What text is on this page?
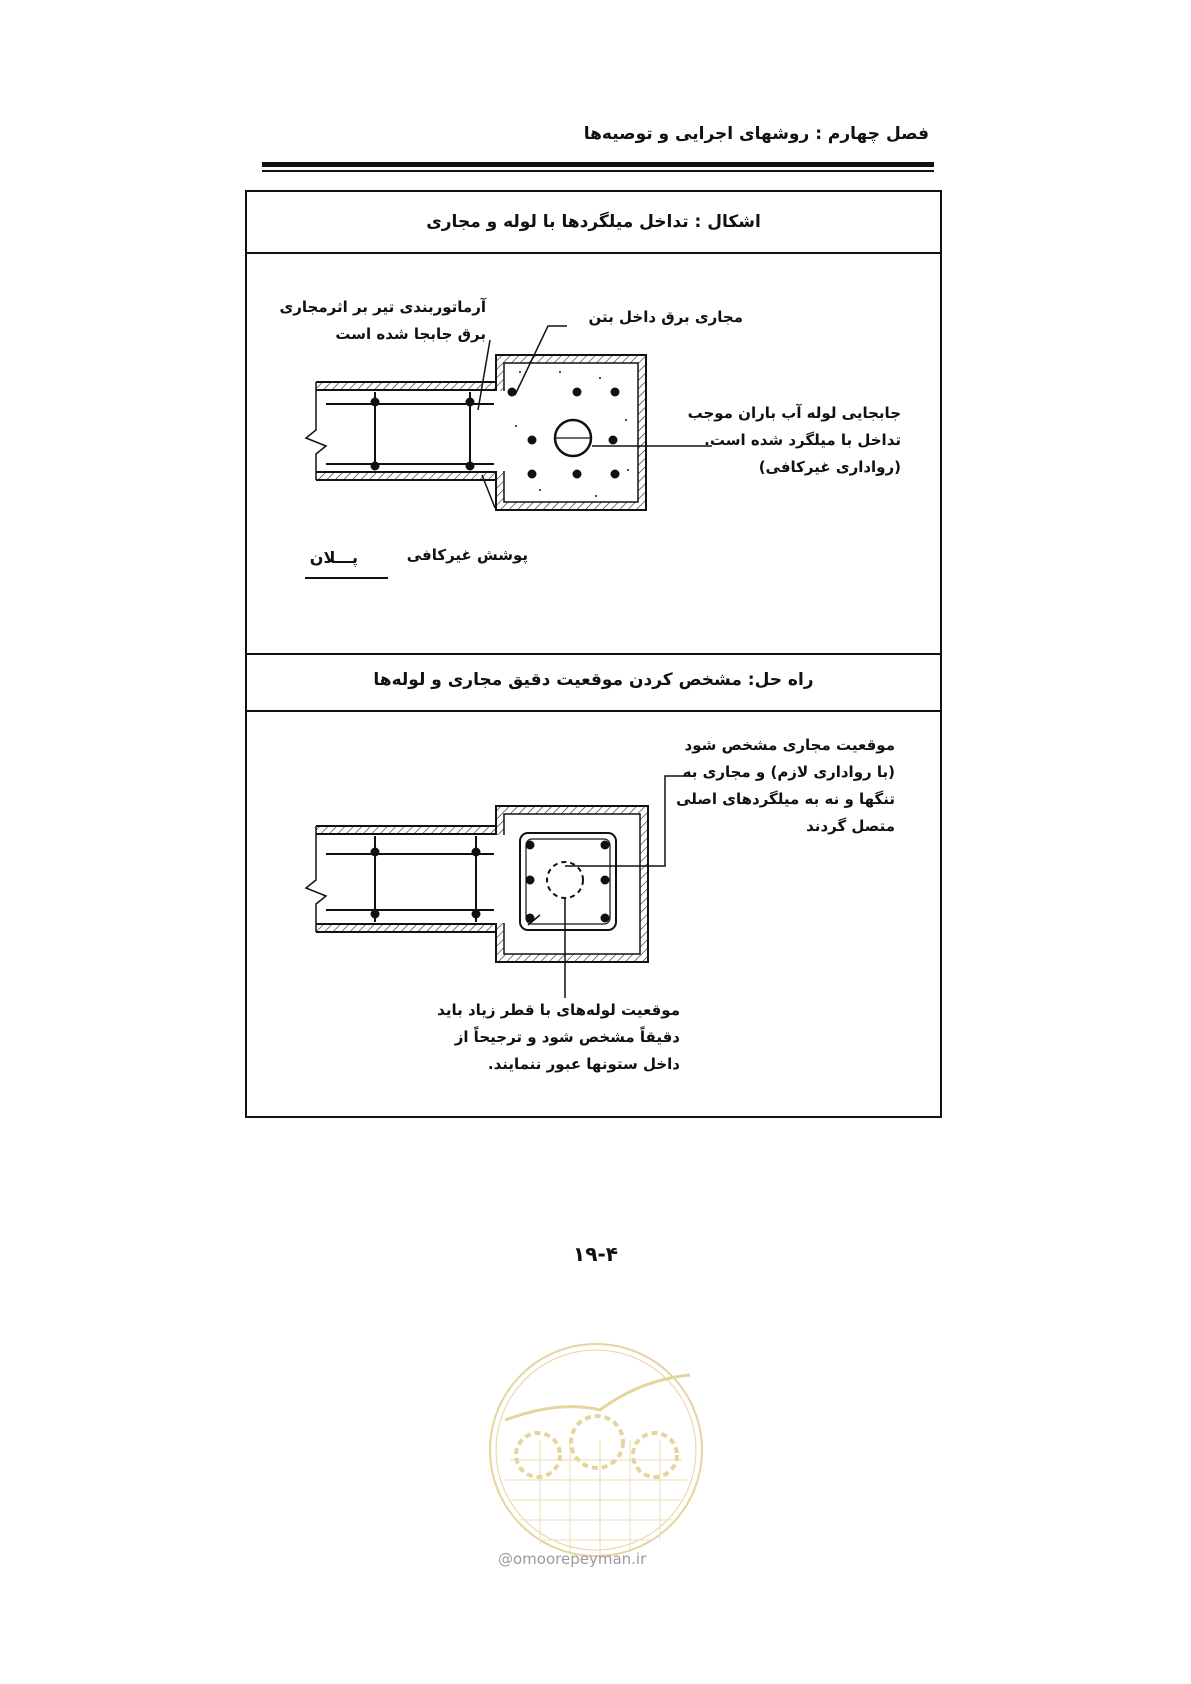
فصل چهارم : روشهای اجرایی و توصیه‌ها
اشکال : تداخل میلگردها با لوله و مجاری
راه حل: مشخص کردن موقعیت دقیق مجاری و لوله‌ها
آرماتوربندی تیر بر اثرمجاری
برق جابجا شده است
مجاری برق داخل بتن
جابجایی لوله آب باران موجب
تداخل با میلگرد شده است.
(رواداری غیرکافی)
پوشش غیرکافی
پـــلان
موقعیت مجاری مشخص شود
(با رواداری لازم) و مجاری به
تنگها و نه به میلگردهای اصلی
متصل گردند
موقعیت لوله‌های با قطر زیاد باید
دقیقاً مشخص شود و ترجیحاً از
داخل ستونها عبور ننمایند.
@omoorepeyman.ir
۱۹-۴
